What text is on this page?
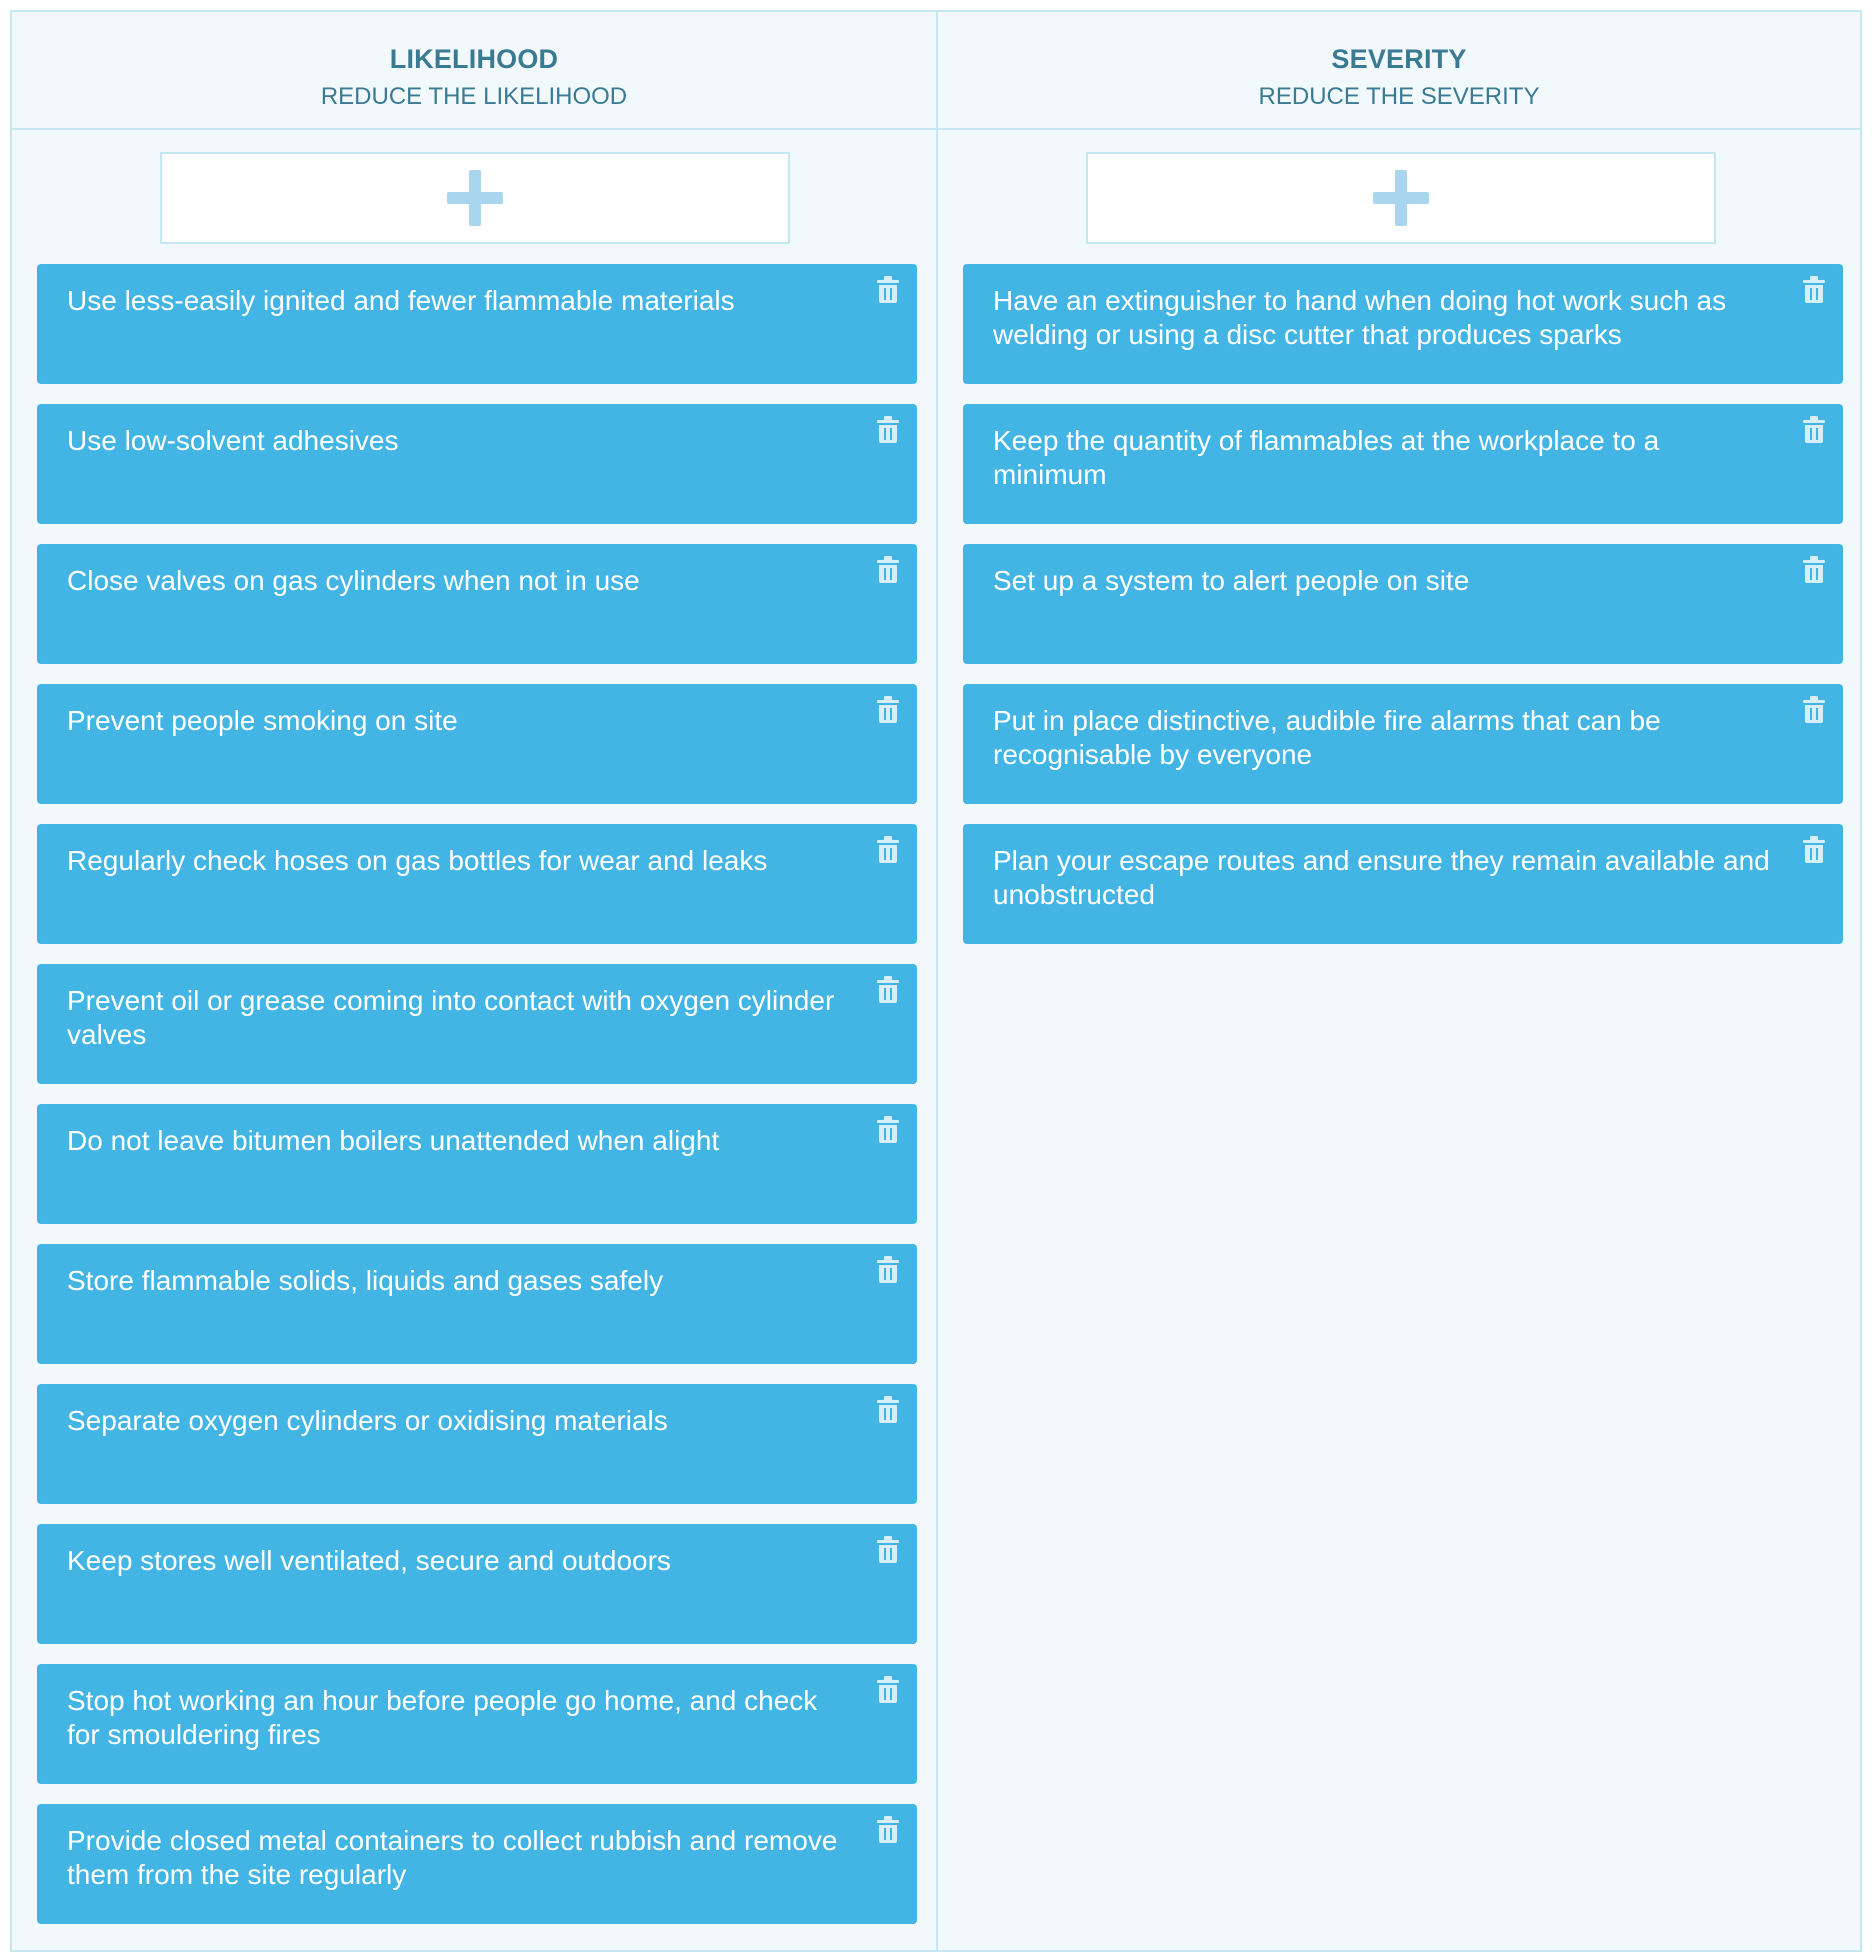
LIKELIHOOD
REDUCE THE LIKELIHOOD
Use less-easily ignited and fewer flammable materials
Use low-solvent adhesives
Close valves on gas cylinders when not in use
Prevent people smoking on site
Regularly check hoses on gas bottles for wear and leaks
Prevent oil or grease coming into contact with oxygen cylinder valves
Do not leave bitumen boilers unattended when alight
Store flammable solids, liquids and gases safely
Separate oxygen cylinders or oxidising materials
Keep stores well ventilated, secure and outdoors
Stop hot working an hour before people go home, and check for smouldering fires
Provide closed metal containers to collect rubbish and remove them from the site regularly
SEVERITY
REDUCE THE SEVERITY
Have an extinguisher to hand when doing hot work such as welding or using a disc cutter that produces sparks
Keep the quantity of flammables at the workplace to a minimum
Set up a system to alert people on site
Put in place distinctive, audible fire alarms that can be recognisable by everyone
Plan your escape routes and ensure they remain available and unobstructed
